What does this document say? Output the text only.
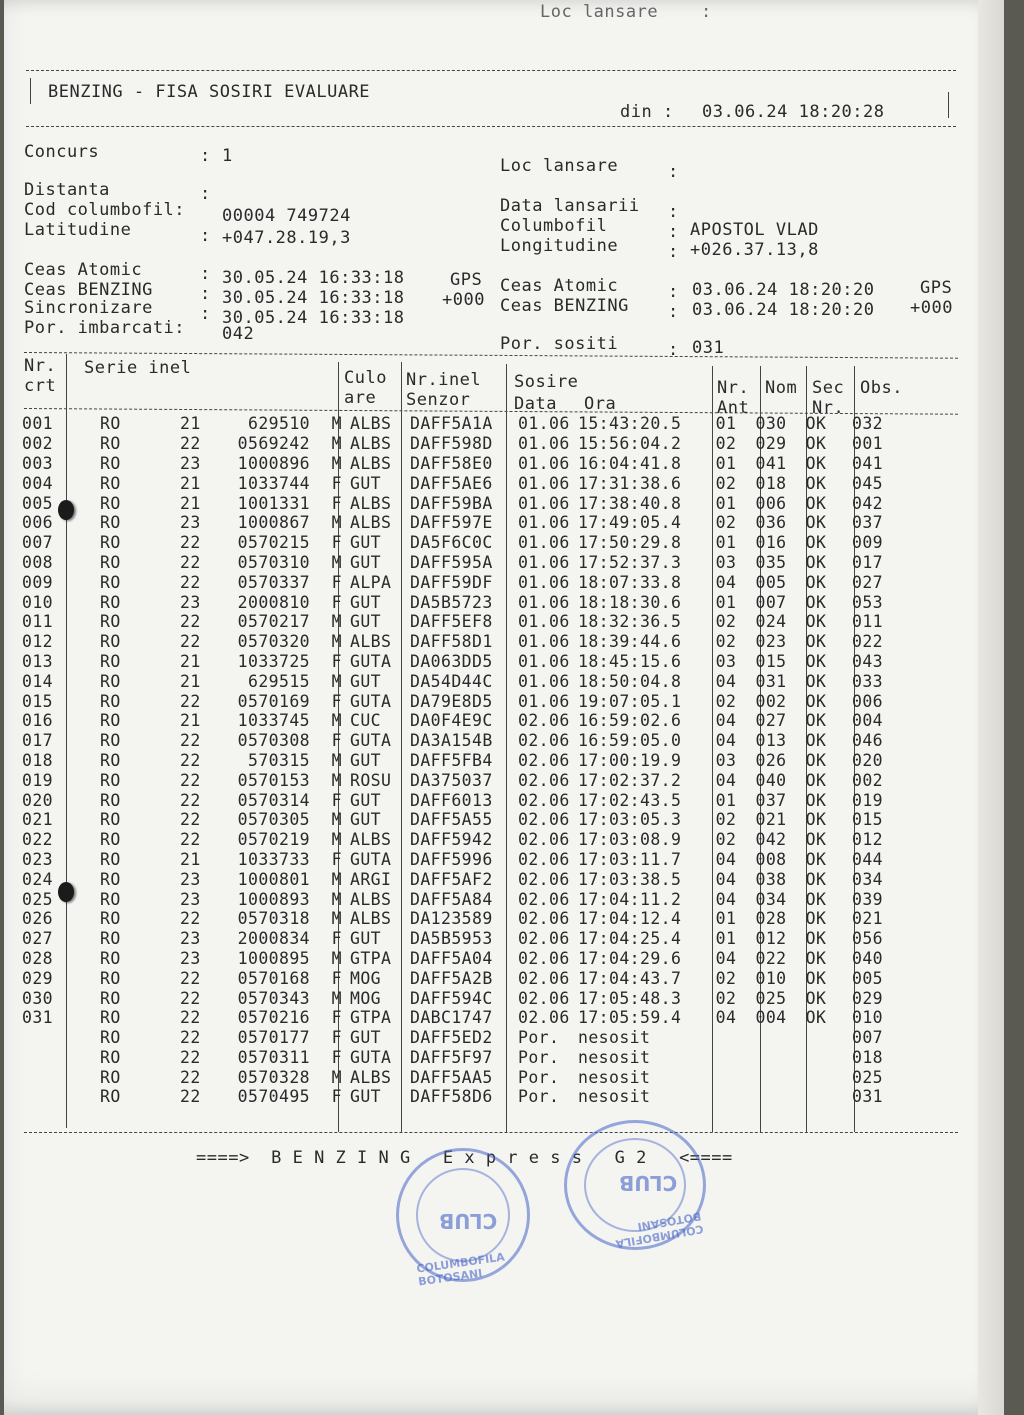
Loc lansare    :
BENZING - FISA SOSIRI EVALUARE
din : 03.06.24 18:20:28
Concurs	: 1
Distanta	:
Cod columbofil: 00004 749724
Latitudine	: +047.28.19,3
Loc lansare	:
Data lansarii :
Columbofil	: APOSTOL VLAD
Longitudine	: +026.37.13,8
Ceas Atomic	: 30.05.24 16:33:18	GPS
Ceas BENZING	: 30.05.24 16:33:18 +000
Sincronizare	: 30.05.24 16:33:18
Por. imbarcati: 042
Ceas Atomic	: 03.06.24 18:20:20	GPS
Ceas BENZING : 03.06.24 18:20:20 +000
Por. sositi	: 031
Nr.
crt
Serie inel	Culo
are
Nr.inel
Senzor
Sosire
Data Ora
Nr.
Ant
Nom Sec
Nr.
Obs.
001	RO	21	629510	M	ALBS	DAFF5A1A	01.06	15:43:20.5	01	030	OK	032
002	RO	22	0569242	M	ALBS	DAFF598D	01.06	15:56:04.2	02	029	OK	001
003	RO	23	1000896	M	ALBS	DAFF58E0	01.06	16:04:41.8	01	041	OK	041
004	RO	21	1033744	F	GUT	DAFF5AE6	01.06	17:31:38.6	02	018	OK	045
005	RO	21	1001331	F	ALBS	DAFF59BA	01.06	17:38:40.8	01	006	OK	042
006	RO	23	1000867	M	ALBS	DAFF597E	01.06	17:49:05.4	02	036	OK	037
007	RO	22	0570215	F	GUT	DA5F6C0C	01.06	17:50:29.8	01	016	OK	009
008	RO	22	0570310	M	GUT	DAFF595A	01.06	17:52:37.3	03	035	OK	017
009	RO	22	0570337	F	ALPA	DAFF59DF	01.06	18:07:33.8	04	005	OK	027
010	RO	23	2000810	F	GUT	DA5B5723	01.06	18:18:30.6	01	007	OK	053
011	RO	22	0570217	M	GUT	DAFF5EF8	01.06	18:32:36.5	02	024	OK	011
012	RO	22	0570320	M	ALBS	DAFF58D1	01.06	18:39:44.6	02	023	OK	022
013	RO	21	1033725	F	GUTA	DA063DD5	01.06	18:45:15.6	03	015	OK	043
014	RO	21	629515	M	GUT	DA54D44C	01.06	18:50:04.8	04	031	OK	033
015	RO	22	0570169	F	GUTA	DA79E8D5	01.06	19:07:05.1	02	002	OK	006
016	RO	21	1033745	M	CUC	DA0F4E9C	02.06	16:59:02.6	04	027	OK	004
017	RO	22	0570308	F	GUTA	DA3A154B	02.06	16:59:05.0	04	013	OK	046
018	RO	22	570315	M	GUT	DAFF5FB4	02.06	17:00:19.9	03	026	OK	020
019	RO	22	0570153	M	ROSU	DA375037	02.06	17:02:37.2	04	040	OK	002
020	RO	22	0570314	F	GUT	DAFF6013	02.06	17:02:43.5	01	037	OK	019
021	RO	22	0570305	M	GUT	DAFF5A55	02.06	17:03:05.3	02	021	OK	015
022	RO	22	0570219	M	ALBS	DAFF5942	02.06	17:03:08.9	02	042	OK	012
023	RO	21	1033733	F	GUTA	DAFF5996	02.06	17:03:11.7	04	008	OK	044
024	RO	23	1000801	M	ARGI	DAFF5AF2	02.06	17:03:38.5	04	038	OK	034
025	RO	23	1000893	M	ALBS	DAFF5A84	02.06	17:04:11.2	04	034	OK	039
026	RO	22	0570318	M	ALBS	DA123589	02.06	17:04:12.4	01	028	OK	021
027	RO	23	2000834	F	GUT	DA5B5953	02.06	17:04:25.4	01	012	OK	056
028	RO	23	1000895	M	GTPA	DAFF5A04	02.06	17:04:29.6	04	022	OK	040
029	RO	22	0570168	F	MOG	DAFF5A2B	02.06	17:04:43.7	02	010	OK	005
030	RO	22	0570343	M	MOG	DAFF594C	02.06	17:05:48.3	02	025	OK	029
031	RO	22	0570216	F	GTPA	DABC1747	02.06	17:05:59.4	04	004	OK	010
	RO	22	0570177	F	GUT	DAFF5ED2	Por.	nesosit				007
	RO	22	0570311	F	GUTA	DAFF5F97	Por.	nesosit				018
	RO	22	0570328	M	ALBS	DAFF5AA5	Por.	nesosit				025
	RO	22	0570495	F	GUT	DAFF58D6	Por.	nesosit				031
====>  B E N Z I N G   E x p r e s s   G 2   <====
COLUMBOFILA BOTOSANI
CLUB
COLUMBOFILA BOTOSANI
CLUB
